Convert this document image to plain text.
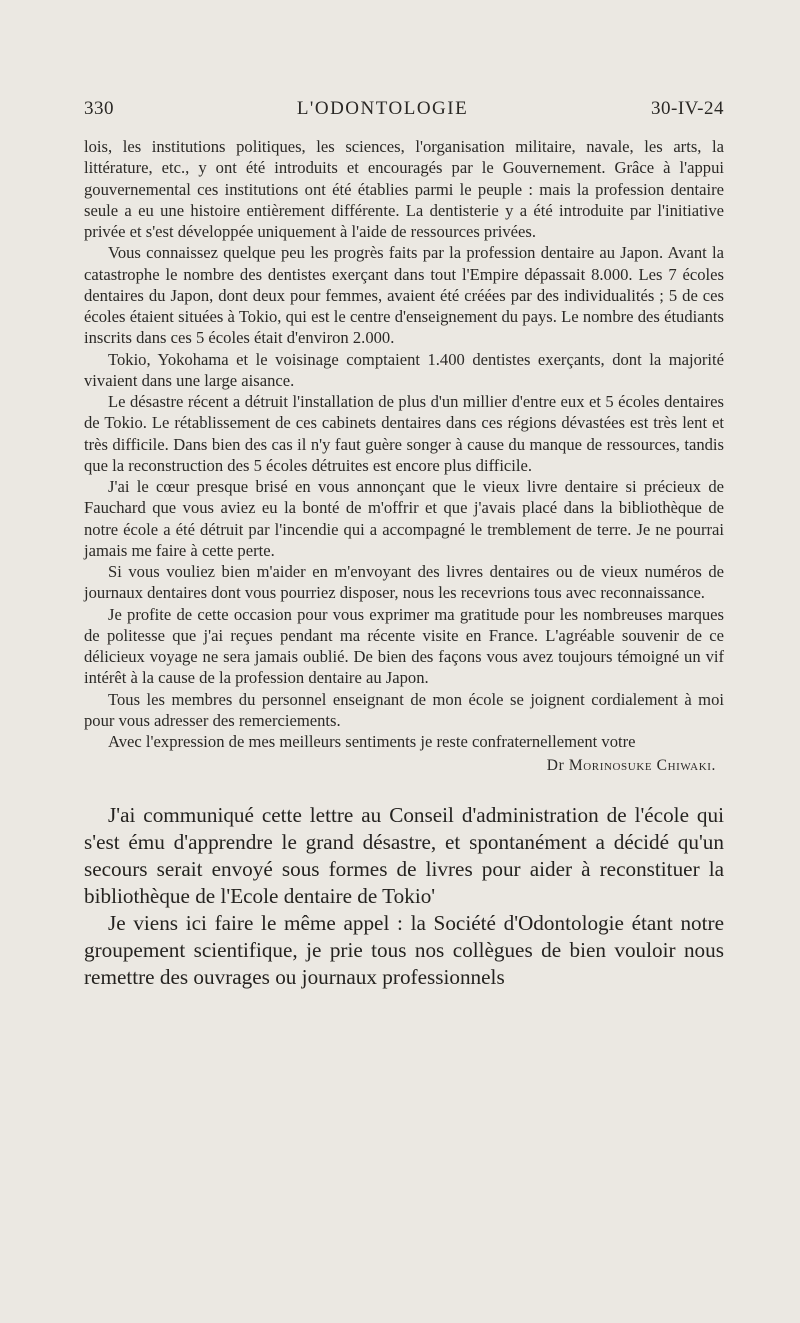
330	L'ODONTOLOGIE	30-IV-24

lois, les institutions politiques, les sciences, l'organisation militaire, navale, les arts, la littérature, etc., y ont été introduits et encouragés par le Gouvernement. Grâce à l'appui gouvernemental ces institutions ont été établies parmi le peuple : mais la profession dentaire seule a eu une histoire entièrement différente. La dentisterie y a été introduite par l'initiative privée et s'est développée uniquement à l'aide de ressources privées.

Vous connaissez quelque peu les progrès faits par la profession dentaire au Japon. Avant la catastrophe le nombre des dentistes exerçant dans tout l'Empire dépassait 8.000. Les 7 écoles dentaires du Japon, dont deux pour femmes, avaient été créées par des individualités ; 5 de ces écoles étaient situées à Tokio, qui est le centre d'enseignement du pays. Le nombre des étudiants inscrits dans ces 5 écoles était d'environ 2.000.

Tokio, Yokohama et le voisinage comptaient 1.400 dentistes exerçants, dont la majorité vivaient dans une large aisance.

Le désastre récent a détruit l'installation de plus d'un millier d'entre eux et 5 écoles dentaires de Tokio. Le rétablissement de ces cabinets dentaires dans ces régions dévastées est très lent et très difficile. Dans bien des cas il n'y faut guère songer à cause du manque de ressources, tandis que la reconstruction des 5 écoles détruites est encore plus difficile.

J'ai le cœur presque brisé en vous annonçant que le vieux livre dentaire si précieux de Fauchard que vous aviez eu la bonté de m'offrir et que j'avais placé dans la bibliothèque de notre école a été détruit par l'incendie qui a accompagné le tremblement de terre. Je ne pourrai jamais me faire à cette perte.

Si vous vouliez bien m'aider en m'envoyant des livres dentaires ou de vieux numéros de journaux dentaires dont vous pourriez disposer, nous les recevrions tous avec reconnaissance.

Je profite de cette occasion pour vous exprimer ma gratitude pour les nombreuses marques de politesse que j'ai reçues pendant ma récente visite en France. L'agréable souvenir de ce délicieux voyage ne sera jamais oublié. De bien des façons vous avez toujours témoigné un vif intérêt à la cause de la profession dentaire au Japon.

Tous les membres du personnel enseignant de mon école se joignent cordialement à moi pour vous adresser des remerciements.

Avec l'expression de mes meilleurs sentiments je reste confraternellement votre

Dr Morinosuke Chiwaki.

J'ai communiqué cette lettre au Conseil d'administration de l'école qui s'est ému d'apprendre le grand désastre, et spontanément a décidé qu'un secours serait envoyé sous formes de livres pour aider à reconstituer la bibliothèque de l'Ecole dentaire de Tokio'

Je viens ici faire le même appel : la Société d'Odontologie étant notre groupement scientifique, je prie tous nos collègues de bien vouloir nous remettre des ouvrages ou journaux professionnels
